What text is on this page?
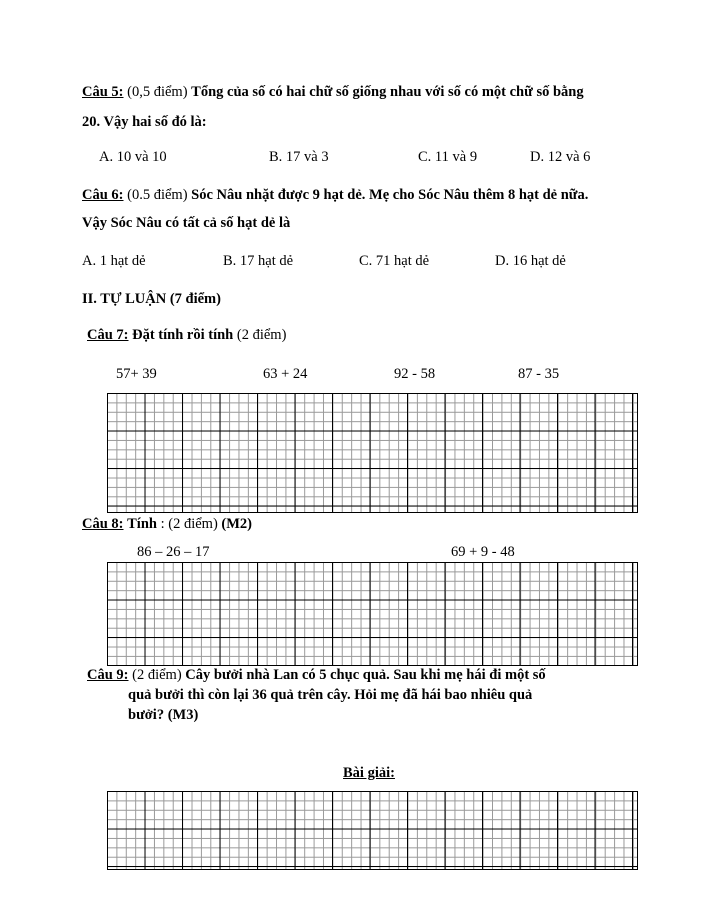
Câu 5: (0,5 điểm) Tổng của số có hai chữ số giống nhau với số có một chữ số bằng
20. Vậy hai số đó là:
A. 10 và 10	B. 17 và 3	C. 11 và 9	D. 12 và 6
Câu 6: (0.5 điểm) Sóc Nâu nhặt được 9 hạt dẻ. Mẹ cho Sóc Nâu thêm 8 hạt dẻ nữa.
Vậy Sóc Nâu có tất cả số hạt dẻ là
A. 1 hạt dẻ	B. 17 hạt dẻ	C. 71 hạt dẻ	D. 16 hạt dẻ
II. TỰ LUẬN (7 điểm)
Câu 7: Đặt tính rồi tính (2 điểm)
57+ 39	63 + 24	92 - 58	87 - 35
Câu 8: Tính : (2 điểm) (M2)
86 – 26 – 17	69 + 9 - 48
Câu 9: (2 điểm) Cây bưởi nhà Lan có 5 chục quả. Sau khi mẹ hái đi một số
quả bưởi thì còn lại 36 quả trên cây. Hỏi mẹ đã hái bao nhiêu quả
bưởi? (M3)
Bài giải:
